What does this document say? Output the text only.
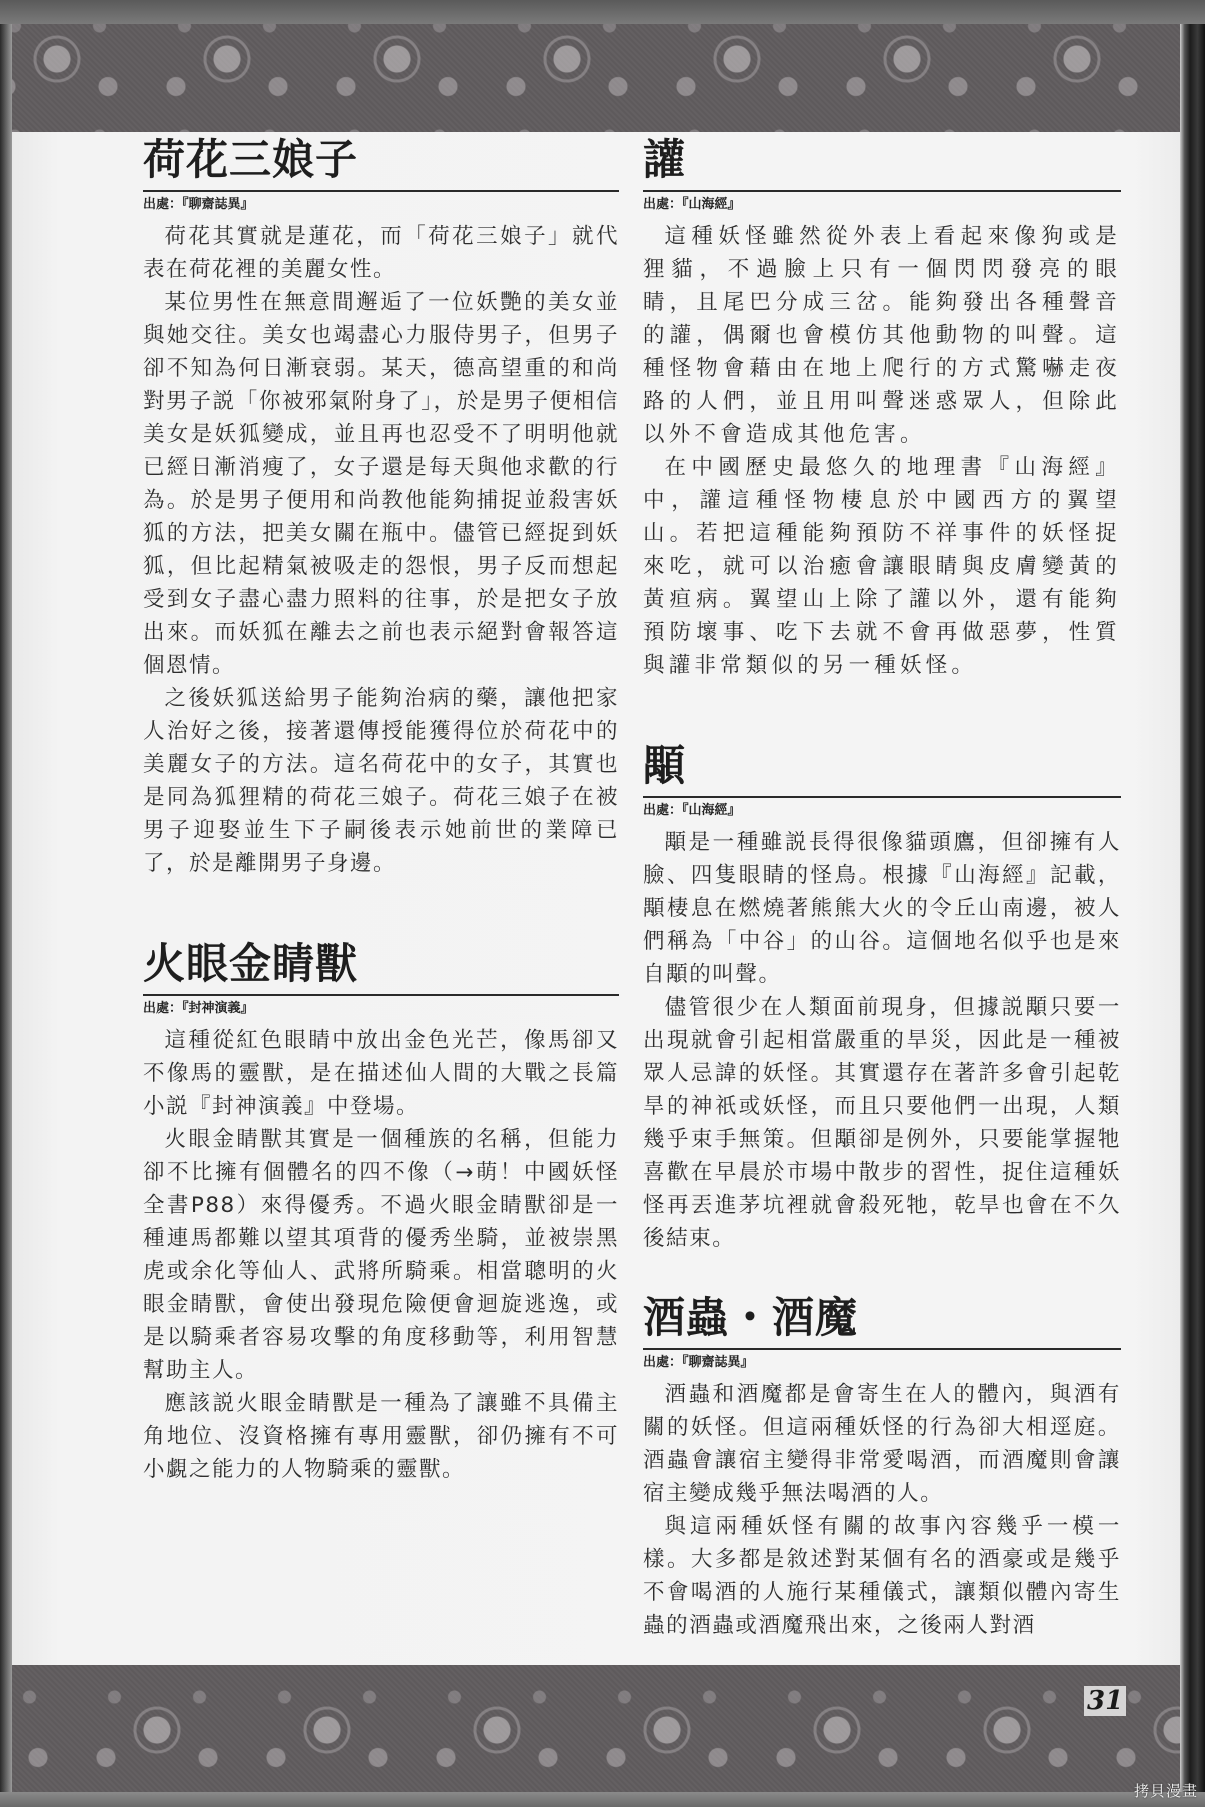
荷花三娘子
出處：『聊齋誌異』

荷花其實就是蓮花，而「荷花三娘子」就代表在荷花裡的美麗女性。

某位男性在無意間邂逅了一位妖艷的美女並與她交往。美女也竭盡心力服侍男子，但男子卻不知為何日漸衰弱。某天，德高望重的和尚對男子説「你被邪氣附身了」，於是男子便相信美女是妖狐變成，並且再也忍受不了明明他就已經日漸消瘦了，女子還是每天與他求歡的行為。於是男子便用和尚教他能夠捕捉並殺害妖狐的方法，把美女關在瓶中。儘管已經捉到妖狐，但比起精氣被吸走的怨恨，男子反而想起受到女子盡心盡力照料的往事，於是把女子放出來。而妖狐在離去之前也表示絕對會報答這個恩情。

之後妖狐送給男子能夠治病的藥，讓他把家人治好之後，接著還傳授能獲得位於荷花中的美麗女子的方法。這名荷花中的女子，其實也是同為狐狸精的荷花三娘子。荷花三娘子在被男子迎娶並生下子嗣後表示她前世的業障已了，於是離開男子身邊。

火眼金睛獸
出處：『封神演義』

這種從紅色眼睛中放出金色光芒，像馬卻又不像馬的靈獸，是在描述仙人間的大戰之長篇小説『封神演義』中登場。

火眼金睛獸其實是一個種族的名稱，但能力卻不比擁有個體名的四不像（→萌！中國妖怪全書P88）來得優秀。不過火眼金睛獸卻是一種連馬都難以望其項背的優秀坐騎，並被崇黑虎或余化等仙人、武將所騎乘。相當聰明的火眼金睛獸，會使出發現危險便會迴旋逃逸，或是以騎乘者容易攻擊的角度移動等，利用智慧幫助主人。

應該説火眼金睛獸是一種為了讓雖不具備主角地位、沒資格擁有專用靈獸，卻仍擁有不可小覷之能力的人物騎乘的靈獸。

讙
出處：『山海經』

這種妖怪雖然從外表上看起來像狗或是狸貓，不過臉上只有一個閃閃發亮的眼睛，且尾巴分成三岔。能夠發出各種聲音的讙，偶爾也會模仿其他動物的叫聲。這種怪物會藉由在地上爬行的方式驚嚇走夜路的人們，並且用叫聲迷惑眾人，但除此以外不會造成其他危害。

在中國歷史最悠久的地理書『山海經』中，讙這種怪物棲息於中國西方的翼望山。若把這種能夠預防不祥事件的妖怪捉來吃，就可以治癒會讓眼睛與皮膚變黃的黃疸病。翼望山上除了讙以外，還有能夠預防壞事、吃下去就不會再做惡夢，性質與讙非常類似的另一種妖怪。

顒
出處：『山海經』

顒是一種雖説長得很像貓頭鷹，但卻擁有人臉、四隻眼睛的怪鳥。根據『山海經』記載，顒棲息在燃燒著熊熊大火的令丘山南邊，被人們稱為「中谷」的山谷。這個地名似乎也是來自顒的叫聲。

儘管很少在人類面前現身，但據説顒只要一出現就會引起相當嚴重的旱災，因此是一種被眾人忌諱的妖怪。其實還存在著許多會引起乾旱的神祇或妖怪，而且只要他們一出現，人類幾乎束手無策。但顒卻是例外，只要能掌握牠喜歡在早晨於市場中散步的習性，捉住這種妖怪再丟進茅坑裡就會殺死牠，乾旱也會在不久後結束。

酒蟲・酒魔
出處：『聊齋誌異』

酒蟲和酒魔都是會寄生在人的體內，與酒有關的妖怪。但這兩種妖怪的行為卻大相逕庭。酒蟲會讓宿主變得非常愛喝酒，而酒魔則會讓宿主變成幾乎無法喝酒的人。

與這兩種妖怪有關的故事內容幾乎一模一樣。大多都是敘述對某個有名的酒豪或是幾乎不會喝酒的人施行某種儀式，讓類似體內寄生蟲的酒蟲或酒魔飛出來，之後兩人對酒

31
拷貝漫畫
